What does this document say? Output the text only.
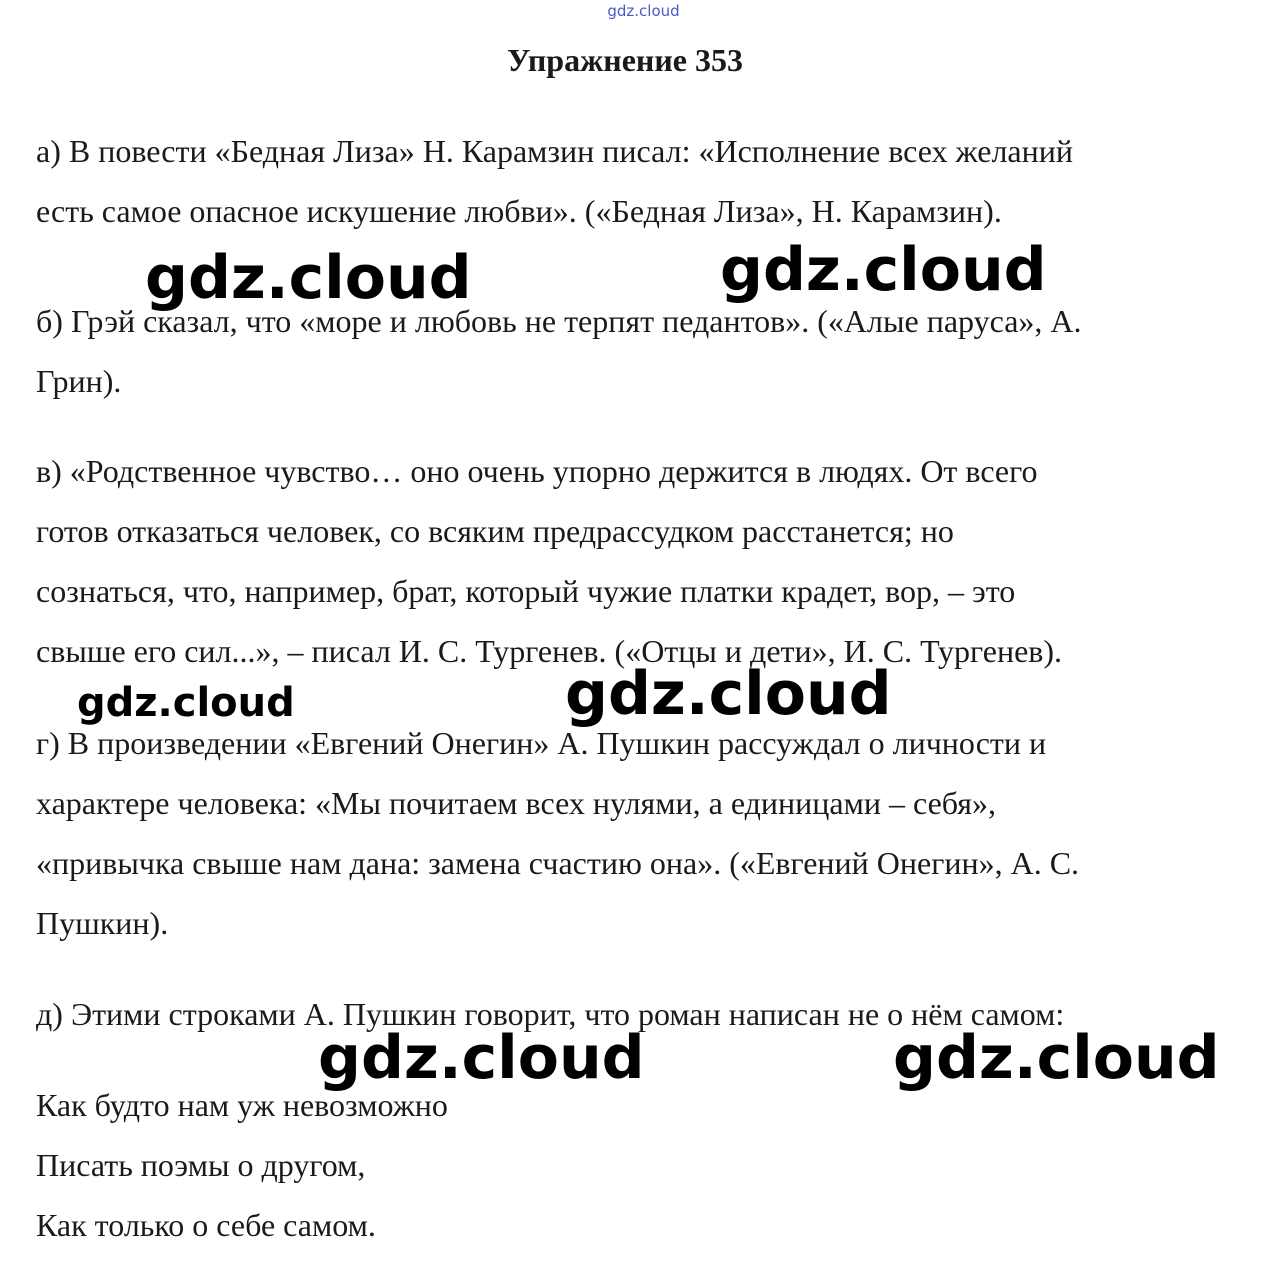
gdz.cloud
Упражнение 353
а) В повести «Бедная Лиза» Н. Карамзин писал: «Исполнение всех желаний
есть самое опасное искушение любви». («Бедная Лиза», Н. Карамзин).
б) Грэй сказал, что «море и любовь не терпят педантов». («Алые паруса», А.
Грин).
в) «Родственное чувство… оно очень упорно держится в людях. От всего
готов отказаться человек, со всяким предрассудком расстанется; но
сознаться, что, например, брат, который чужие платки крадет, вор, – это
свыше его сил...», – писал И. С. Тургенев. («Отцы и дети», И. С. Тургенев).
г) В произведении «Евгений Онегин» А. Пушкин рассуждал о личности и
характере человека: «Мы почитаем всех нулями, а единицами – себя»,
«привычка свыше нам дана: замена счастию она». («Евгений Онегин», А. С.
Пушкин).
д) Этими строками А. Пушкин говорит, что роман написан не о нём самом:
Как будто нам уж невозможно
Писать поэмы о другом,
Как только о себе самом.
gdz.cloud	gdz.cloud
gdz.cloud	gdz.cloud
gdz.cloud	gdz.cloud
